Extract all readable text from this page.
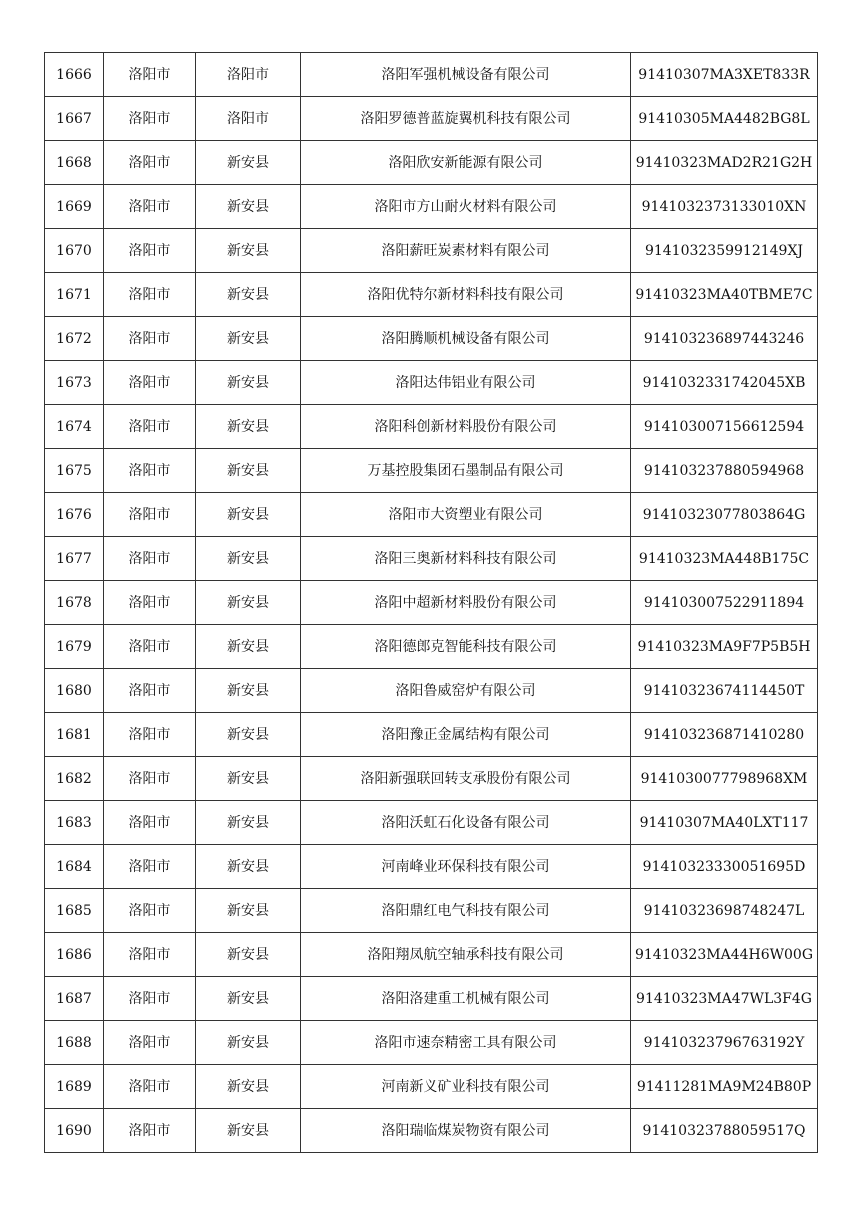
1666	洛阳市	洛阳市	洛阳军强机械设备有限公司	91410307MA3XET833R
1667	洛阳市	洛阳市	洛阳罗德普蓝旋翼机科技有限公司	91410305MA4482BG8L
1668	洛阳市	新安县	洛阳欣安新能源有限公司	91410323MAD2R21G2H
1669	洛阳市	新安县	洛阳市方山耐火材料有限公司	9141032373133010XN
1670	洛阳市	新安县	洛阳薪旺炭素材料有限公司	9141032359912149XJ
1671	洛阳市	新安县	洛阳优特尔新材料科技有限公司	91410323MA40TBME7C
1672	洛阳市	新安县	洛阳腾顺机械设备有限公司	914103236897443246
1673	洛阳市	新安县	洛阳达伟铝业有限公司	9141032331742045XB
1674	洛阳市	新安县	洛阳科创新材料股份有限公司	914103007156612594
1675	洛阳市	新安县	万基控股集团石墨制品有限公司	914103237880594968
1676	洛阳市	新安县	洛阳市大资塑业有限公司	91410323077803864G
1677	洛阳市	新安县	洛阳三奥新材料科技有限公司	91410323MA448B175C
1678	洛阳市	新安县	洛阳中超新材料股份有限公司	914103007522911894
1679	洛阳市	新安县	洛阳德郎克智能科技有限公司	91410323MA9F7P5B5H
1680	洛阳市	新安县	洛阳鲁威窑炉有限公司	91410323674114450T
1681	洛阳市	新安县	洛阳豫正金属结构有限公司	914103236871410280
1682	洛阳市	新安县	洛阳新强联回转支承股份有限公司	9141030077798968XM
1683	洛阳市	新安县	洛阳沃虹石化设备有限公司	91410307MA40LXT117
1684	洛阳市	新安县	河南峰业环保科技有限公司	91410323330051695D
1685	洛阳市	新安县	洛阳鼎红电气科技有限公司	91410323698748247L
1686	洛阳市	新安县	洛阳翔凤航空轴承科技有限公司	91410323MA44H6W00G
1687	洛阳市	新安县	洛阳洛建重工机械有限公司	91410323MA47WL3F4G
1688	洛阳市	新安县	洛阳市速奈精密工具有限公司	91410323796763192Y
1689	洛阳市	新安县	河南新义矿业科技有限公司	91411281MA9M24B80P
1690	洛阳市	新安县	洛阳瑞临煤炭物资有限公司	91410323788059517Q
